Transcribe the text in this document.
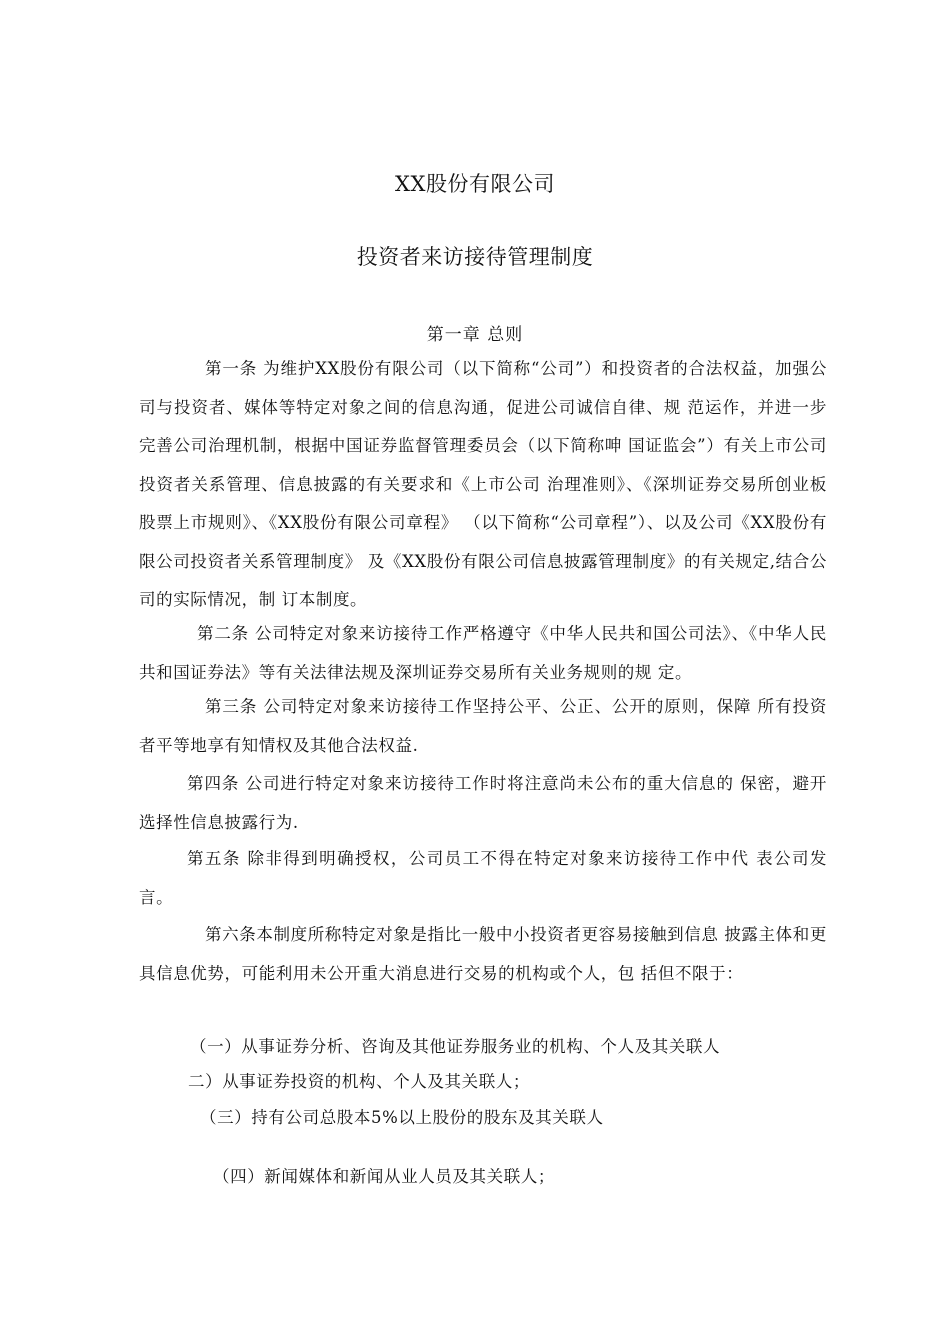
XX股份有限公司
投资者来访接待管理制度
第一章 总则

第一条 为维护XX股份有限公司（以下简称“公司”）和投资者的合法权益，加强公司与投资者、媒体等特定对象之间的信息沟通，促进公司诚信自律、规 范运作，并进一步完善公司治理机制，根据中国证券监督管理委员会（以下简称呻 国证监会”）有关上市公司投资者关系管理、信息披露的有关要求和《上市公司 治理准则》、《深圳证券交易所创业板股票上市规则》、《XX股份有限公司章程》 （以下简称“公司章程”）、以及公司《XX股份有限公司投资者关系管理制度》 及《XX股份有限公司信息披露管理制度》的有关规定,结合公司的实际情况，制 订本制度。

第二条 公司特定对象来访接待工作严格遵守《中华人民共和国公司法》、《中华人民共和国证券法》等有关法律法规及深圳证券交易所有关业务规则的规 定。

第三条 公司特定对象来访接待工作坚持公平、公正、公开的原则，保障 所有投资者平等地享有知情权及其他合法权益.

第四条 公司进行特定对象来访接待工作时将注意尚未公布的重大信息的 保密，避开选择性信息披露行为.

第五条 除非得到明确授权，公司员工不得在特定对象来访接待工作中代 表公司发言。

第六条本制度所称特定对象是指比一般中小投资者更容易接触到信息 披露主体和更具信息优势，可能利用未公开重大消息进行交易的机构或个人，包 括但不限于：

（一）从事证券分析、咨询及其他证券服务业的机构、个人及其关联人
二）从事证券投资的机构、个人及其关联人；
（三）持有公司总股本5%以上股份的股东及其关联人
（四）新闻媒体和新闻从业人员及其关联人；
